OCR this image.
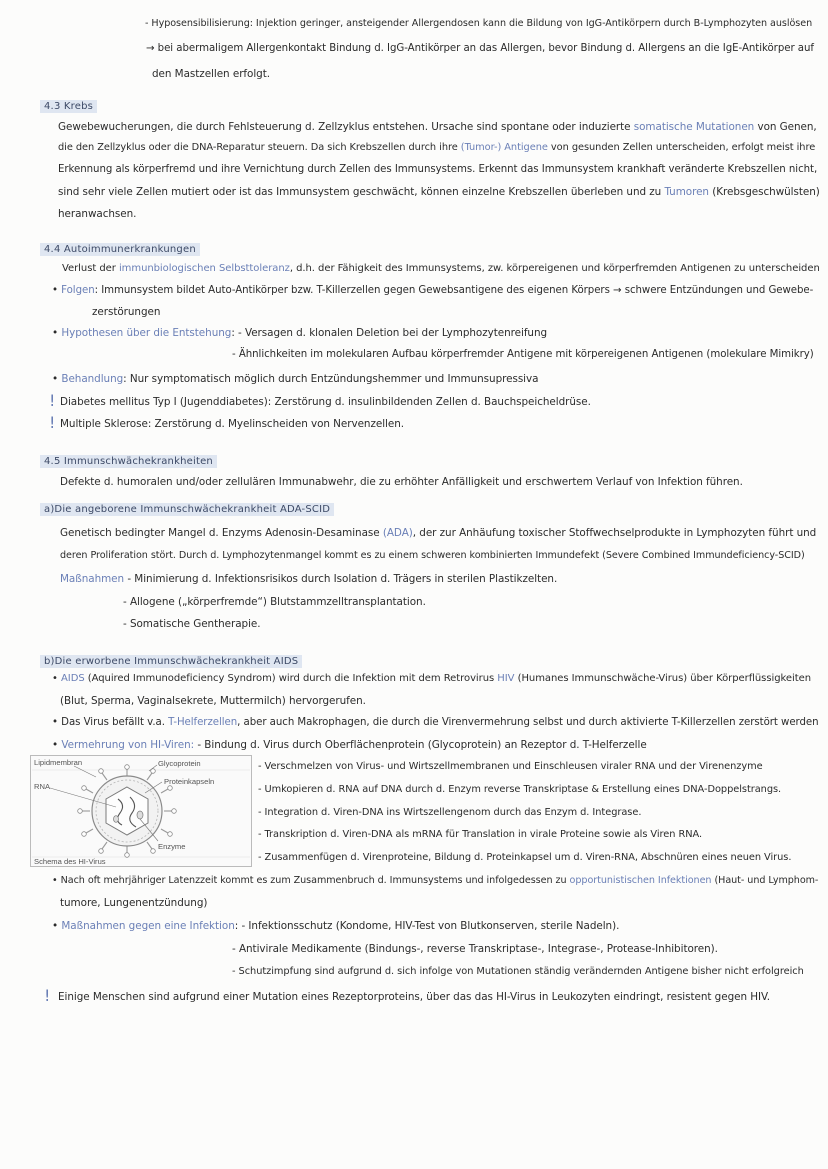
- Hyposensibilisierung: Injektion geringer, ansteigender Allergendosen kann die Bildung von IgG-Antikörpern durch B-Lymphozyten auslösen
→ bei abermaligem Allergenkontakt Bindung d. IgG-Antikörper an das Allergen, bevor Bindung d. Allergens an die IgE-Antikörper auf
den Mastzellen erfolgt.
4.3 Krebs
Gewebewucherungen, die durch Fehlsteuerung d. Zellzyklus entstehen. Ursache sind spontane oder induzierte somatische Mutationen von Genen,
die den Zellzyklus oder die DNA-Reparatur steuern. Da sich Krebszellen durch ihre (Tumor-) Antigene von gesunden Zellen unterscheiden, erfolgt meist ihre
Erkennung als körperfremd und ihre Vernichtung durch Zellen des Immunsystems. Erkennt das Immunsystem krankhaft veränderte Krebszellen nicht,
sind sehr viele Zellen mutiert oder ist das Immunsystem geschwächt, können einzelne Krebszellen überleben und zu Tumoren (Krebsgeschwülsten)
heranwachsen.
4.4 Autoimmunerkrankungen
Verlust der immunbiologischen Selbsttoleranz, d.h. der Fähigkeit des Immunsystems, zw. körpereigenen und körperfremden Antigenen zu unterscheiden
• Folgen: Immunsystem bildet Auto-Antikörper bzw. T-Killerzellen gegen Gewebsantigene des eigenen Körpers → schwere Entzündungen und Gewebe-
zerstörungen
• Hypothesen über die Entstehung: - Versagen d. klonalen Deletion bei der Lymphozytenreifung
- Ähnlichkeiten im molekularen Aufbau körperfremder Antigene mit körpereigenen Antigenen (molekulare Mimikry)
• Behandlung: Nur symptomatisch möglich durch Entzündungshemmer und Immunsupressiva
! Diabetes mellitus Typ I (Jugenddiabetes): Zerstörung d. insulinbildenden Zellen d. Bauchspeicheldrüse.
! Multiple Sklerose: Zerstörung d. Myelinscheiden von Nervenzellen.
4.5 Immunschwächekrankheiten
Defekte d. humoralen und/oder zellulären Immunabwehr, die zu erhöhter Anfälligkeit und erschwertem Verlauf von Infektion führen.
a)Die angeborene Immunschwächekrankheit ADA-SCID
Genetisch bedingter Mangel d. Enzyms Adenosin-Desaminase (ADA), der zur Anhäufung toxischer Stoffwechselprodukte in Lymphozyten führt und
deren Proliferation stört. Durch d. Lymphozytenmangel kommt es zu einem schweren kombinierten Immundefekt (Severe Combined Immundeficiency-SCID)
Maßnahmen - Minimierung d. Infektionsrisikos durch Isolation d. Trägers in sterilen Plastikzelten.
- Allogene („körperfremde“) Blutstammzelltransplantation.
- Somatische Gentherapie.
b)Die erworbene Immunschwächekrankheit AIDS
• AIDS (Aquired Immunodeficiency Syndrom) wird durch die Infektion mit dem Retrovirus HIV (Humanes Immunschwäche-Virus) über Körperflüssigkeiten
(Blut, Sperma, Vaginalsekrete, Muttermilch) hervorgerufen.
• Das Virus befällt v.a. T-Helferzellen, aber auch Makrophagen, die durch die Virenvermehrung selbst und durch aktivierte T-Killerzellen zerstört werden
• Vermehrung von HI-Viren: - Bindung d. Virus durch Oberflächenprotein (Glycoprotein) an Rezeptor d. T-Helferzelle
Lipidmembran	Glycoprotein
RNA
Proteinkapseln
Enzyme
Schema des HI-Virus
- Verschmelzen von Virus- und Wirtszellmembranen und Einschleusen viraler RNA und der Virenenzyme
- Umkopieren d. RNA auf DNA durch d. Enzym reverse Transkriptase & Erstellung eines DNA-Doppelstrangs.
- Integration d. Viren-DNA ins Wirtszellengenom durch das Enzym d. Integrase.
- Transkription d. Viren-DNA als mRNA für Translation in virale Proteine sowie als Viren RNA.
- Zusammenfügen d. Virenproteine, Bildung d. Proteinkapsel um d. Viren-RNA, Abschnüren eines neuen Virus.
• Nach oft mehrjähriger Latenzzeit kommt es zum Zusammenbruch d. Immunsystems und infolgedessen zu opportunistischen Infektionen (Haut- und Lymphom-
tumore, Lungenentzündung)
• Maßnahmen gegen eine Infektion: - Infektionsschutz (Kondome, HIV-Test von Blutkonserven, sterile Nadeln).
- Antivirale Medikamente (Bindungs-, reverse Transkriptase-, Integrase-, Protease-Inhibitoren).
- Schutzimpfung sind aufgrund d. sich infolge von Mutationen ständig verändernden Antigene bisher nicht erfolgreich
! Einige Menschen sind aufgrund einer Mutation eines Rezeptorproteins, über das das HI-Virus in Leukozyten eindringt, resistent gegen HIV.
